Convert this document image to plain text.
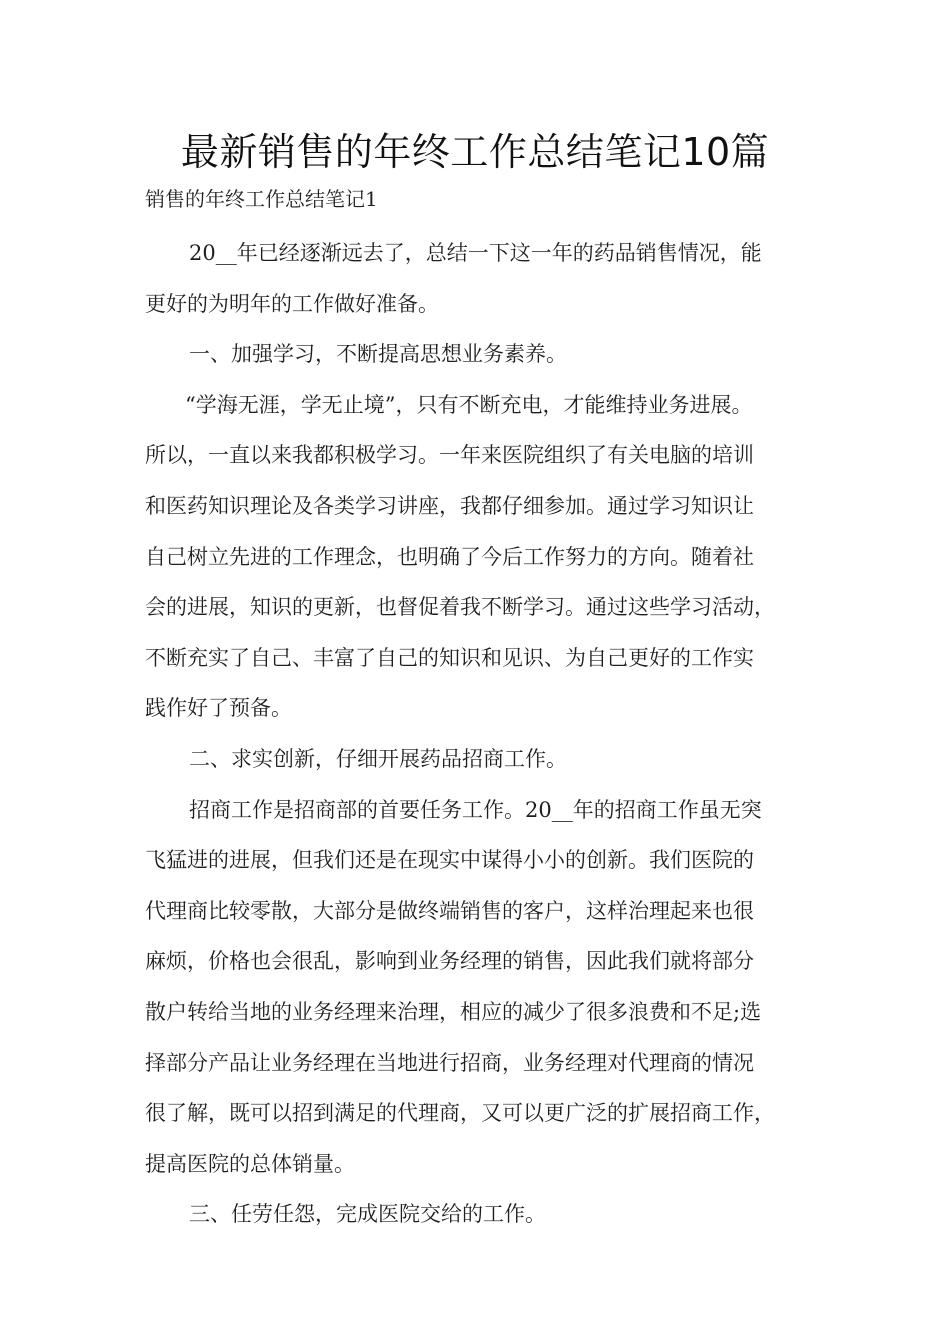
最新销售的年终工作总结笔记10篇
销售的年终工作总结笔记1
20__年已经逐渐远去了，总结一下这一年的药品销售情况，能
更好的为明年的工作做好准备。
一、加强学习，不断提高思想业务素养。
“学海无涯，学无止境”，只有不断充电，才能维持业务进展。
所以，一直以来我都积极学习。一年来医院组织了有关电脑的培训
和医药知识理论及各类学习讲座，我都仔细参加。通过学习知识让
自己树立先进的工作理念，也明确了今后工作努力的方向。随着社
会的进展，知识的更新，也督促着我不断学习。通过这些学习活动，
不断充实了自己、丰富了自己的知识和见识、为自己更好的工作实
践作好了预备。
二、求实创新，仔细开展药品招商工作。
招商工作是招商部的首要任务工作。20__年的招商工作虽无突
飞猛进的进展，但我们还是在现实中谋得小小的创新。我们医院的
代理商比较零散，大部分是做终端销售的客户，这样治理起来也很
麻烦，价格也会很乱，影响到业务经理的销售，因此我们就将部分
散户转给当地的业务经理来治理，相应的减少了很多浪费和不足;选
择部分产品让业务经理在当地进行招商，业务经理对代理商的情况
很了解，既可以招到满足的代理商，又可以更广泛的扩展招商工作，
提高医院的总体销量。
三、任劳任怨，完成医院交给的工作。
